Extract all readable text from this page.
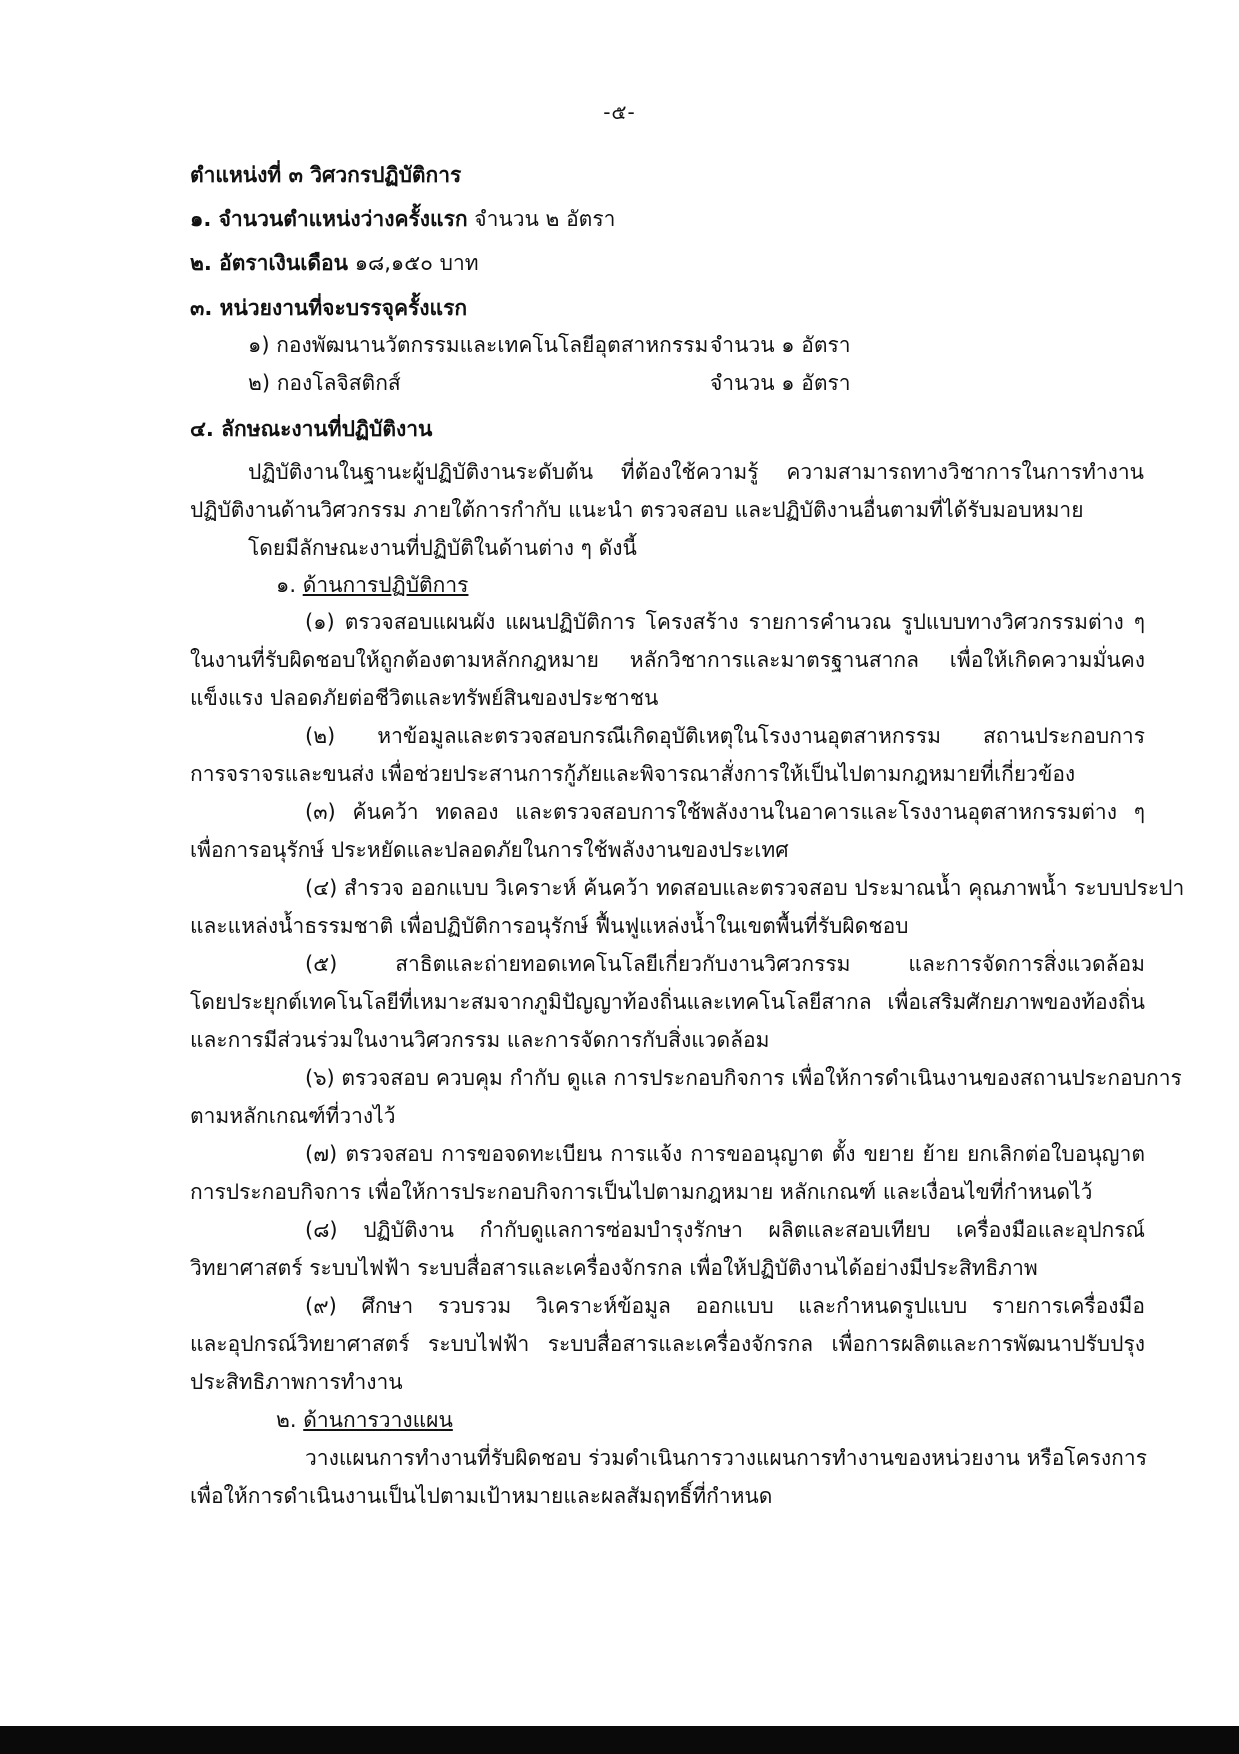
-๕-
ตำแหน่งที่ ๓ วิศวกรปฏิบัติการ
๑. จำนวนตำแหน่งว่างครั้งแรก จำนวน ๒ อัตรา
๒. อัตราเงินเดือน ๑๘,๑๕๐ บาท
๓. หน่วยงานที่จะบรรจุครั้งแรก
๑) กองพัฒนานวัตกรรมและเทคโนโลยีอุตสาหกรรม จำนวน ๑ อัตรา
๒) กองโลจิสติกส์	จำนวน ๑ อัตรา
๔. ลักษณะงานที่ปฏิบัติงาน
ปฏิบัติงานในฐานะผู้ปฏิบัติงานระดับต้น ที่ต้องใช้ความรู้ ความสามารถทางวิชาการในการทำงาน
ปฏิบัติงานด้านวิศวกรรม ภายใต้การกำกับ แนะนำ ตรวจสอบ และปฏิบัติงานอื่นตามที่ได้รับมอบหมาย
โดยมีลักษณะงานที่ปฏิบัติในด้านต่าง ๆ ดังนี้
๑. ด้านการปฏิบัติการ
(๑) ตรวจสอบแผนผัง แผนปฏิบัติการ โครงสร้าง รายการคำนวณ รูปแบบทางวิศวกรรมต่าง ๆ
ในงานที่รับผิดชอบให้ถูกต้องตามหลักกฎหมาย หลักวิชาการและมาตรฐานสากล เพื่อให้เกิดความมั่นคง
แข็งแรง ปลอดภัยต่อชีวิตและทรัพย์สินของประชาชน
(๒) หาข้อมูลและตรวจสอบกรณีเกิดอุบัติเหตุในโรงงานอุตสาหกรรม สถานประกอบการ
การจราจรและขนส่ง เพื่อช่วยประสานการกู้ภัยและพิจารณาสั่งการให้เป็นไปตามกฎหมายที่เกี่ยวข้อง
(๓) ค้นคว้า ทดลอง และตรวจสอบการใช้พลังงานในอาคารและโรงงานอุตสาหกรรมต่าง ๆ
เพื่อการอนุรักษ์ ประหยัดและปลอดภัยในการใช้พลังงานของประเทศ
(๔) สำรวจ ออกแบบ วิเคราะห์ ค้นคว้า ทดสอบและตรวจสอบ ประมาณน้ำ คุณภาพน้ำ ระบบประปา
และแหล่งน้ำธรรมชาติ เพื่อปฏิบัติการอนุรักษ์ ฟื้นฟูแหล่งน้ำในเขตพื้นที่รับผิดชอบ
(๕) สาธิตและถ่ายทอดเทคโนโลยีเกี่ยวกับงานวิศวกรรม และการจัดการสิ่งแวดล้อม
โดยประยุกต์เทคโนโลยีที่เหมาะสมจากภูมิปัญญาท้องถิ่นและเทคโนโลยีสากล เพื่อเสริมศักยภาพของท้องถิ่น
และการมีส่วนร่วมในงานวิศวกรรม และการจัดการกับสิ่งแวดล้อม
(๖) ตรวจสอบ ควบคุม กำกับ ดูแล การประกอบกิจการ เพื่อให้การดำเนินงานของสถานประกอบการ
ตามหลักเกณฑ์ที่วางไว้
(๗) ตรวจสอบ การขอจดทะเบียน การแจ้ง การขออนุญาต ตั้ง ขยาย ย้าย ยกเลิกต่อใบอนุญาต
การประกอบกิจการ เพื่อให้การประกอบกิจการเป็นไปตามกฎหมาย หลักเกณฑ์ และเงื่อนไขที่กำหนดไว้
(๘) ปฏิบัติงาน กำกับดูแลการซ่อมบำรุงรักษา ผลิตและสอบเทียบ เครื่องมือและอุปกรณ์
วิทยาศาสตร์ ระบบไฟฟ้า ระบบสื่อสารและเครื่องจักรกล เพื่อให้ปฏิบัติงานได้อย่างมีประสิทธิภาพ
(๙) ศึกษา รวบรวม วิเคราะห์ข้อมูล ออกแบบ และกำหนดรูปแบบ รายการเครื่องมือ
และอุปกรณ์วิทยาศาสตร์ ระบบไฟฟ้า ระบบสื่อสารและเครื่องจักรกล เพื่อการผลิตและการพัฒนาปรับปรุง
ประสิทธิภาพการทำงาน
๒. ด้านการวางแผน
วางแผนการทำงานที่รับผิดชอบ ร่วมดำเนินการวางแผนการทำงานของหน่วยงาน หรือโครงการ
เพื่อให้การดำเนินงานเป็นไปตามเป้าหมายและผลสัมฤทธิ์ที่กำหนด
